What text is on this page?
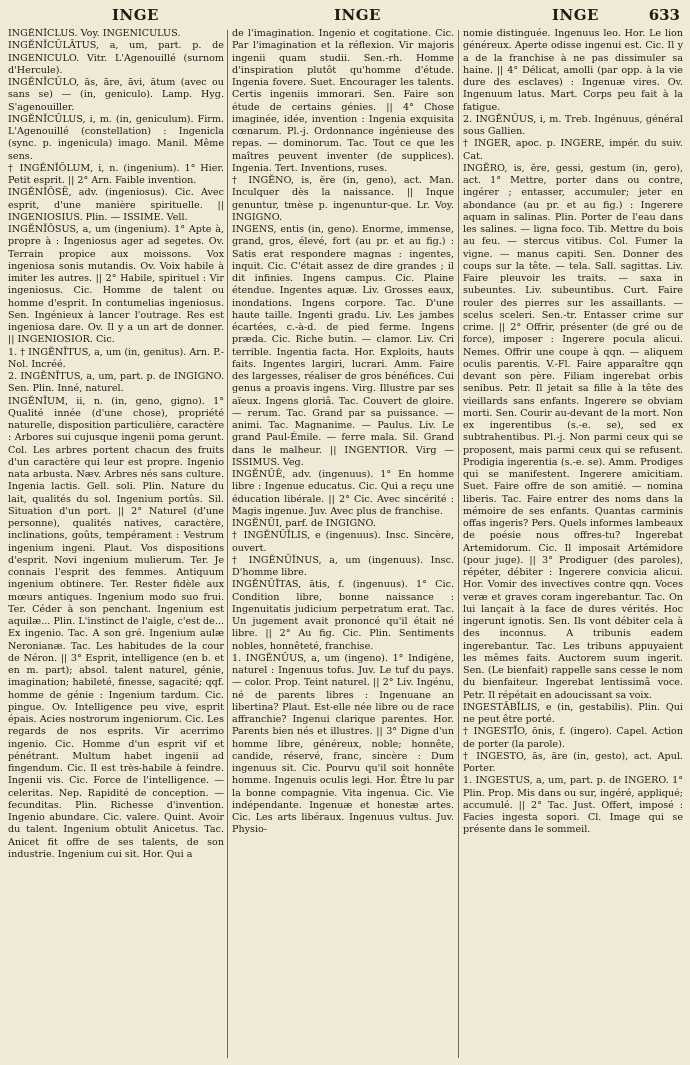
INGE	INGE	INGE	633

INGĔNĬCLUS. Voy. INGENICULUS.

INGĔNĬCŬLĀTUS, a, um, part. p. de INGENICULO. Vitr. L'Agenouillé (surnom d'Hercule).

INGĔNĬCŬLO, ās, āre, āvi, ātum (avec ou sans se) — (in, geniculo). Lamp. Hyg. S'agenouiller.

INGĔNĬCŬLUS, i, m. (in, geniculum). Firm. L'Agenouillé (constellation) : Ingenicla (sync. p. ingenicula) imago. Manil. Même sens.

† INGĔNĬŎLUM, i, n. (ingenium). 1° Hier. Petit esprit. || 2° Arn. Faible invention.

INGĔNĬŌSĒ, adv. (ingeniosus). Cic. Avec esprit, d'une manière spirituelle. || INGENIOSIUS. Plin. — ISSIME. Vell.

INGĔNĬŌSUS, a, um (ingenium). 1° Apte à, propre à : Ingeniosus ager ad segetes. Ov. Terrain propice aux moissons. Vox ingeniosa sonis mutandis. Ov. Voix habile à imiter les autres. || 2° Habile, spirituel : Vir ingeniosus. Cic. Homme de talent ou homme d'esprit. In contumelias ingeniosus. Sen. Ingénieux à lancer l'outrage. Res est ingeniosa dare. Ov. Il y a un art de donner. || INGENIOSIOR. Cic.

1. † INGĔNĬTUS, a, um (in, genitus). Arn. P.-Nol. Incréé.

2. INGĔNĬTUS, a, um, part. p. de INGIGNO. Sen. Plin. Inné, naturel.

INGĔNĬUM, ii, n. (in, geno, gigno). 1° Qualité innée (d'une chose), propriété naturelle, disposition particulière, caractère : Arbores sui cujusque ingenii poma gerunt. Col. Les arbres portent chacun des fruits d'un caractère qui leur est propre. Ingenio nata arbusta. Næv. Arbres nés sans culture. Ingenia lactis. Gell. soli. Plin. Nature du lait, qualités du sol. Ingenium portûs. Sil. Situation d'un port. || 2° Naturel (d'une personne), qualités natives, caractère, inclinations, goûts, tempérament : Vestrum ingenium ingeni. Plaut. Vos dispositions d'esprit. Novi ingenium mulierum. Ter. Je connais l'esprit des femmes. Antiquum ingenium obtinere. Ter. Rester fidèle aux mœurs antiques. Ingenium modo suo frui. Ter. Céder à son penchant. Ingenium est aquilæ... Plin. L'instinct de l'aigle, c'est de... Ex ingenio. Tac. A son gré. Ingenium aulæ Neronianæ. Tac. Les habitudes de la cour de Néron. || 3° Esprit, intelligence (en b. et en m. part); absol. talent naturel, génie, imagination; habileté, finesse, sagacité; qqf. homme de génie : Ingenium tardum. Cic. pingue. Ov. Intelligence peu vive, esprit épais. Acies nostrorum ingeniorum. Cic. Les regards de nos esprits. Vir acerrimo ingenio. Cic. Homme d'un esprit vif et pénétrant. Multum habet ingenii ad fingendum. Cic. Il est très-habile à feindre. Ingenii vis. Cic. Force de l'intelligence. — celeritas. Nep. Rapidité de conception. — fecunditas. Plin. Richesse d'invention. Ingenio abundare. Cic. valere. Quint. Avoir du talent. Ingenium obtulit Anicetus. Tac. Anicet fit offre de ses talents, de son industrie. Ingenium cui sit. Hor. Qui a

de l'imagination. Ingenio et cogitatione. Cic. Par l'imagination et la réflexion. Vir majoris ingenii quam studii. Sen.-rh. Homme d'inspiration plutôt qu'homme d'étude. Ingenia fovere. Suet. Encourager les talents. Certis ingeniis immorari. Sen. Faire son étude de certains génies. || 4° Chose imaginée, idée, invention : Ingenia exquisita cœnarum. Pl.-j. Ordonnance ingénieuse des repas. — dominorum. Tac. Tout ce que les maîtres peuvent inventer (de supplices). Ingenia. Tert. Inventions, ruses.

† INGĔNO, is, ĕre (in, geno), act. Man. Inculquer dès la naissance. || Inque genuntur, tmèse p. ingenuntur-que. Lr. Voy. INGIGNO.

INGENS, entis (in, geno). Enorme, immense, grand, gros, élevé, fort (au pr. et au fig.) : Satis erat respondere magnas : ingentes, inquit. Cic. C'était assez de dire grandes ; il dit infinies. Ingens campus. Cic. Plaine étendue. Ingentes aquæ. Liv. Grosses eaux, inondations. Ingens corpore. Tac. D'une haute taille. Ingenti gradu. Liv. Les jambes écartées, c.-à-d. de pied ferme. Ingens præda. Cic. Riche butin. — clamor. Liv. Cri terrible. Ingentia facta. Hor. Exploits, hauts faits. Ingentes largiri, lucrari. Amm. Faire des largesses, réaliser de gros bénéfices. Cui genus a proavis ingens. Virg. Illustre par ses aïeux. Ingens gloriâ. Tac. Couvert de gloire. — rerum. Tac. Grand par sa puissance. — animi. Tac. Magnanime. — Paulus. Liv. Le grand Paul-Émile. — ferre mala. Sil. Grand dans le malheur. || INGENTIOR. Virg — ISSIMUS. Veg.

INGĔNŬĒ, adv. (ingenuus). 1° En homme libre : Ingenue educatus. Cic. Qui a reçu une éducation libérale. || 2° Cic. Avec sincérité : Magis ingenue. Juv. Avec plus de franchise.

INGĔNŬI, parf. de INGIGNO.

† INGĔNŬĬLIS, e (ingenuus). Insc. Sincère, ouvert.

† INGĔNŬĬNUS, a, um (ingenuus). Insc. D'homme libre.

INGĔNŬĬTAS, ātis, f. (ingenuus). 1° Cic. Condition libre, bonne naissance : Ingenuitatis judicium perpetratum erat. Tac. Un jugement avait prononcé qu'il était né libre. || 2° Au fig. Cic. Plin. Sentiments nobles, honnêteté, franchise.

1. INGĔNŬUS, a, um (ingeno). 1° Indigène, naturel : Ingenuus tofus. Juv. Le tuf du pays. — color. Prop. Teint naturel. || 2° Liv. Ingénu, né de parents libres : Ingenuane an libertina? Plaut. Est-elle née libre ou de race affranchie? Ingenui clarique parentes. Hor. Parents bien nés et illustres. || 3° Digne d'un homme libre, généreux, noble; honnête, candide, réservé, franc, sincère : Dum ingenuus sit. Cic. Pourvu qu'il soit honnête homme. Ingenuis oculis legi. Hor. Être lu par la bonne compagnie. Vita ingenua. Cic. Vie indépendante. Ingenuæ et honestæ artes. Cic. Les arts libéraux. Ingenuus vultus. Juv. Physio-

nomie distinguée. Ingenuus leo. Hor. Le lion généreux. Aperte odisse ingenui est. Cic. Il y a de la franchise à ne pas dissimuler sa haine. || 4° Délicat, amolli (par opp. à la vie dure des esclaves) : Ingenuæ vires. Ov. Ingenuum latus. Mart. Corps peu fait à la fatigue.

2. INGĔNŬUS, i, m. Treb. Ingénuus, général sous Gallien.

† INGER, apoc. p. INGERE, impér. du suiv. Cat.

INGĔRO, is, ĕre, gessi, gestum (in, gero), act. 1° Mettre, porter dans ou contre, ingérer ; entasser, accumuler; jeter en abondance (au pr. et au fig.) : Ingerere aquam in salinas. Plin. Porter de l'eau dans les salines. — ligna foco. Tib. Mettre du bois au feu. — stercus vitibus. Col. Fumer la vigne. — manus capiti. Sen. Donner des coups sur la tête. — tela. Sall. sagittas. Liv. Faire pleuvoir les traits. — saxa in subeuntes. Liv. subeuntibus. Curt. Faire rouler des pierres sur les assaillants. — scelus sceleri. Sen.-tr. Entasser crime sur crime. || 2° Offrir, présenter (de gré ou de force), imposer : Ingerere pocula alicui. Nemes. Offrir une coupe à qqn. — aliquem oculis parentis. V.-Fl. Faire apparaître qqn devant son père. Filiam ingerebat orbis senibus. Petr. Il jetait sa fille à la tête des vieillards sans enfants. Ingerere se obviam morti. Sen. Courir au-devant de la mort. Non ex ingerentibus (s.-e. se), sed ex subtrahentibus. Pl.-j. Non parmi ceux qui se proposent, mais parmi ceux qui se refusent. Prodigia ingerentia (s.-e. se). Amm. Prodiges qui se manifestent. Ingerere amicitiam. Suet. Faire offre de son amitié. — nomina liberis. Tac. Faire entrer des noms dans la mémoire de ses enfants. Quantas carminis offas ingeris? Pers. Quels informes lambeaux de poésie nous offres-tu? Ingerebat Artemidorum. Cic. Il imposait Artémidore (pour juge). || 3° Prodiguer (des paroles), répéter, débiter : Ingerere convicia alicui. Hor. Vomir des invectives contre qqn. Voces veræ et graves coram ingerebantur. Tac. On lui lançait à la face de dures vérités. Hoc ingerunt ignotis. Sen. Ils vont débiter cela à des inconnus. A tribunis eadem ingerebantur. Tac. Les tribuns appuyaient les mêmes faits. Auctorem suum ingerit. Sen. (Le bienfait) rappelle sans cesse le nom du bienfaiteur. Ingerebat lentissimâ voce. Petr. Il répétait en adoucissant sa voix.

INGESTĀBĬLIS, e (in, gestabilis). Plin. Qui ne peut être porté.

† INGESTĬO, ōnis, f. (ingero). Capel. Action de porter (la parole).

† INGESTO, ās, āre (in, gesto), act. Apul. Porter.

1. INGESTUS, a, um, part. p. de INGERO. 1° Plin. Prop. Mis dans ou sur, ingéré, appliqué; accumulé. || 2° Tac. Just. Offert, imposé : Facies ingesta sopori. Cl. Image qui se présente dans le sommeil.
